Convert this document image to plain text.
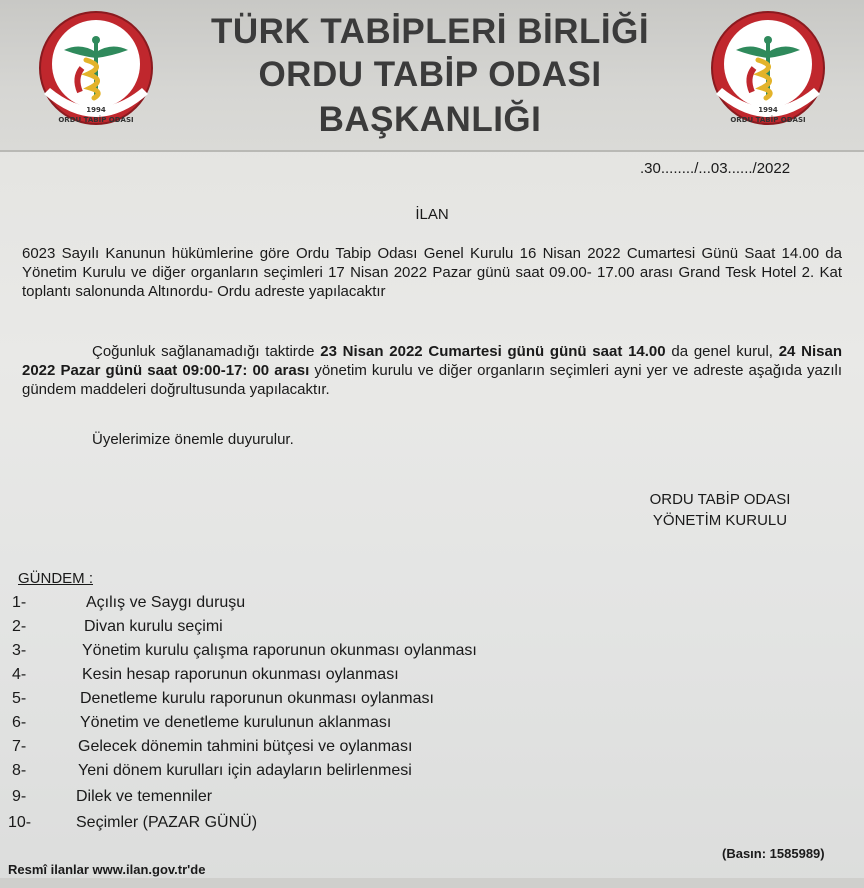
1994
ORDU TABİP ODASI
TÜRK TABİPLERİ BİRLİĞİ
ORDU TABİP ODASI
BAŞKANLIĞI	1994
ORDU TABİP ODASI
.30......../...03....../2022
İLAN
6023 Sayılı Kanunun hükümlerine göre Ordu Tabip Odası Genel Kurulu 16 Nisan 2022 Cumartesi Günü Saat 14.00 da Yönetim Kurulu ve diğer organların seçimleri 17 Nisan 2022 Pazar günü saat 09.00- 17.00 arası Grand Tesk Hotel 2. Kat toplantı salonunda Altınordu- Ordu adreste yapılacaktır
Çoğunluk sağlanamadığı taktirde 23 Nisan 2022 Cumartesi günü günü saat 14.00 da genel kurul, 24 Nisan 2022 Pazar günü saat 09:00-17: 00 arası yönetim kurulu ve diğer organların seçimleri ayni yer ve adreste aşağıda yazılı gündem maddeleri doğrultusunda yapılacaktır.
Üyelerimize önemle duyurulur.
ORDU TABİP ODASI
YÖNETİM KURULU
GÜNDEM :
1-	Açılış ve Saygı duruşu
2-	Divan kurulu seçimi
3-	Yönetim kurulu çalışma raporunun okunması oylanması
4-	Kesin hesap raporunun okunması oylanması
5-	Denetleme kurulu raporunun okunması oylanması
6-	Yönetim ve denetleme kurulunun aklanması
7-	Gelecek dönemin tahmini bütçesi ve oylanması
8-	Yeni dönem kurulları için adayların belirlenmesi
9-	Dilek ve temenniler
10-	Seçimler (PAZAR GÜNÜ)
(Basın: 1585989)
Resmî ilanlar www.ilan.gov.tr'de
